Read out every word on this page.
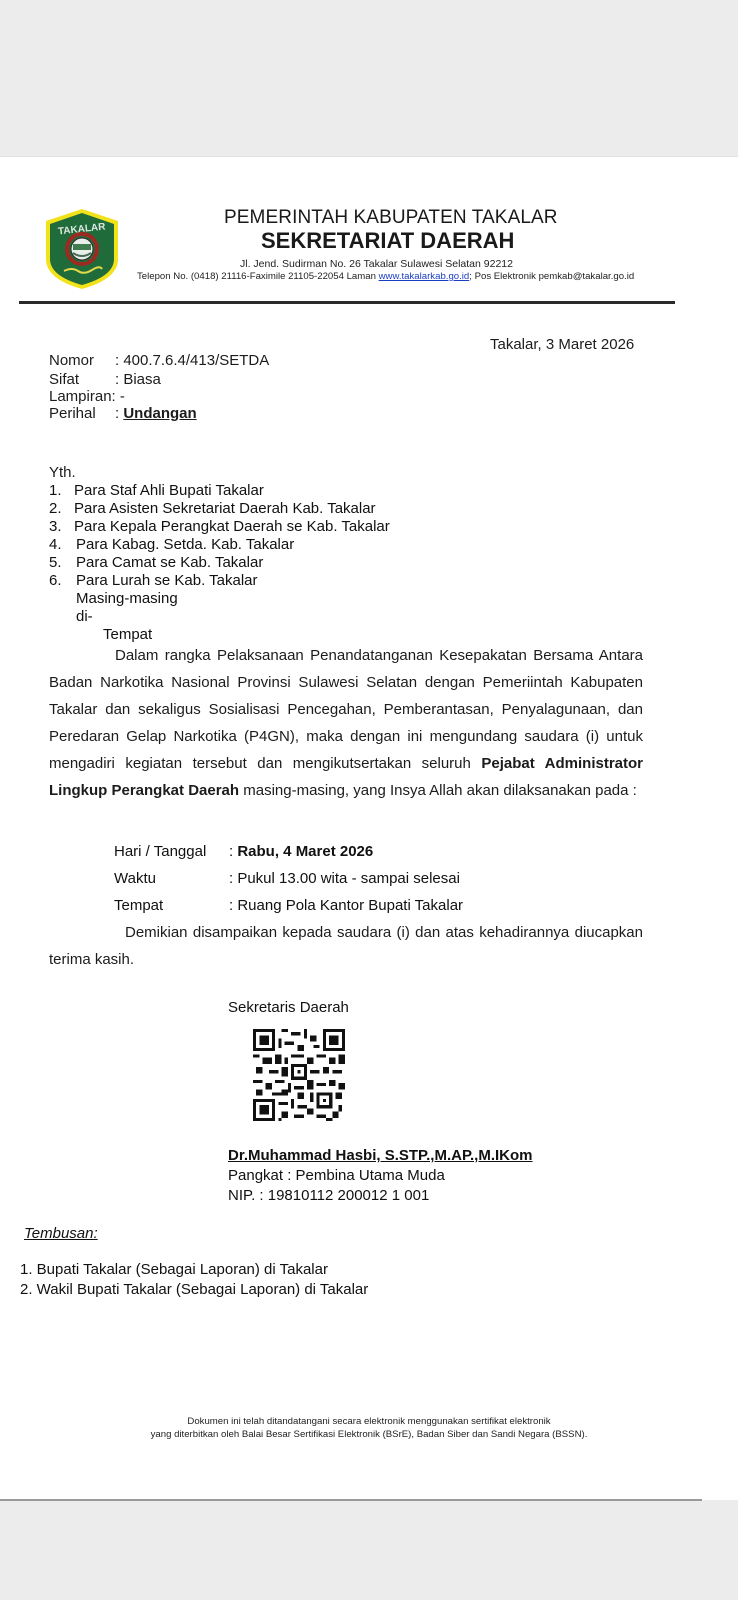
TAKALAR
PEMERINTAH KABUPATEN TAKALAR
SEKRETARIAT DAERAH
Jl. Jend. Sudirman No. 26 Takalar Sulawesi Selatan 92212
Telepon No. (0418) 21116-Faximile 21105-22054 Laman www.takalarkab.go.id; Pos Elektronik pemkab@takalar.go.id
Takalar, 3 Maret 2026
Nomor : 400.7.6.4/413/SETDA
Sifat : Biasa
Lampiran: -
Perihal : Undangan
Yth.
1. Para Staf Ahli Bupati Takalar
2. Para Asisten Sekretariat Daerah Kab. Takalar
3. Para Kepala Perangkat Daerah se Kab. Takalar
4. Para Kabag. Setda. Kab. Takalar
5. Para Camat se Kab. Takalar
6. Para Lurah se Kab. Takalar
Masing-masing
di-
Tempat
Dalam rangka Pelaksanaan Penandatanganan Kesepakatan Bersama Antara Badan Narkotika Nasional Provinsi Sulawesi Selatan dengan Pemeriintah Kabupaten Takalar dan sekaligus Sosialisasi Pencegahan, Pemberantasan, Penyalagunaan, dan Peredaran Gelap Narkotika (P4GN), maka dengan ini mengundang saudara (i) untuk mengadiri kegiatan tersebut dan mengikutsertakan seluruh Pejabat Administrator Lingkup Perangkat Daerah masing-masing, yang Insya Allah akan dilaksanakan pada :
Hari / Tanggal : Rabu, 4 Maret 2026
Waktu	: Pukul 13.00 wita - sampai selesai
Tempat	: Ruang Pola Kantor Bupati Takalar
Demikian disampaikan kepada saudara (i) dan atas kehadirannya diucapkan terima kasih.
Sekretaris Daerah
Dr.Muhammad Hasbi, S.STP.,M.AP.,M.IKom
Pangkat : Pembina Utama Muda
NIP. : 19810112 200012 1 001
Tembusan:
1. Bupati Takalar (Sebagai Laporan) di Takalar
2. Wakil Bupati Takalar (Sebagai Laporan) di Takalar
Dokumen ini telah ditandatangani secara elektronik menggunakan sertifikat elektronik
yang diterbitkan oleh Balai Besar Sertifikasi Elektronik (BSrE), Badan Siber dan Sandi Negara (BSSN).
